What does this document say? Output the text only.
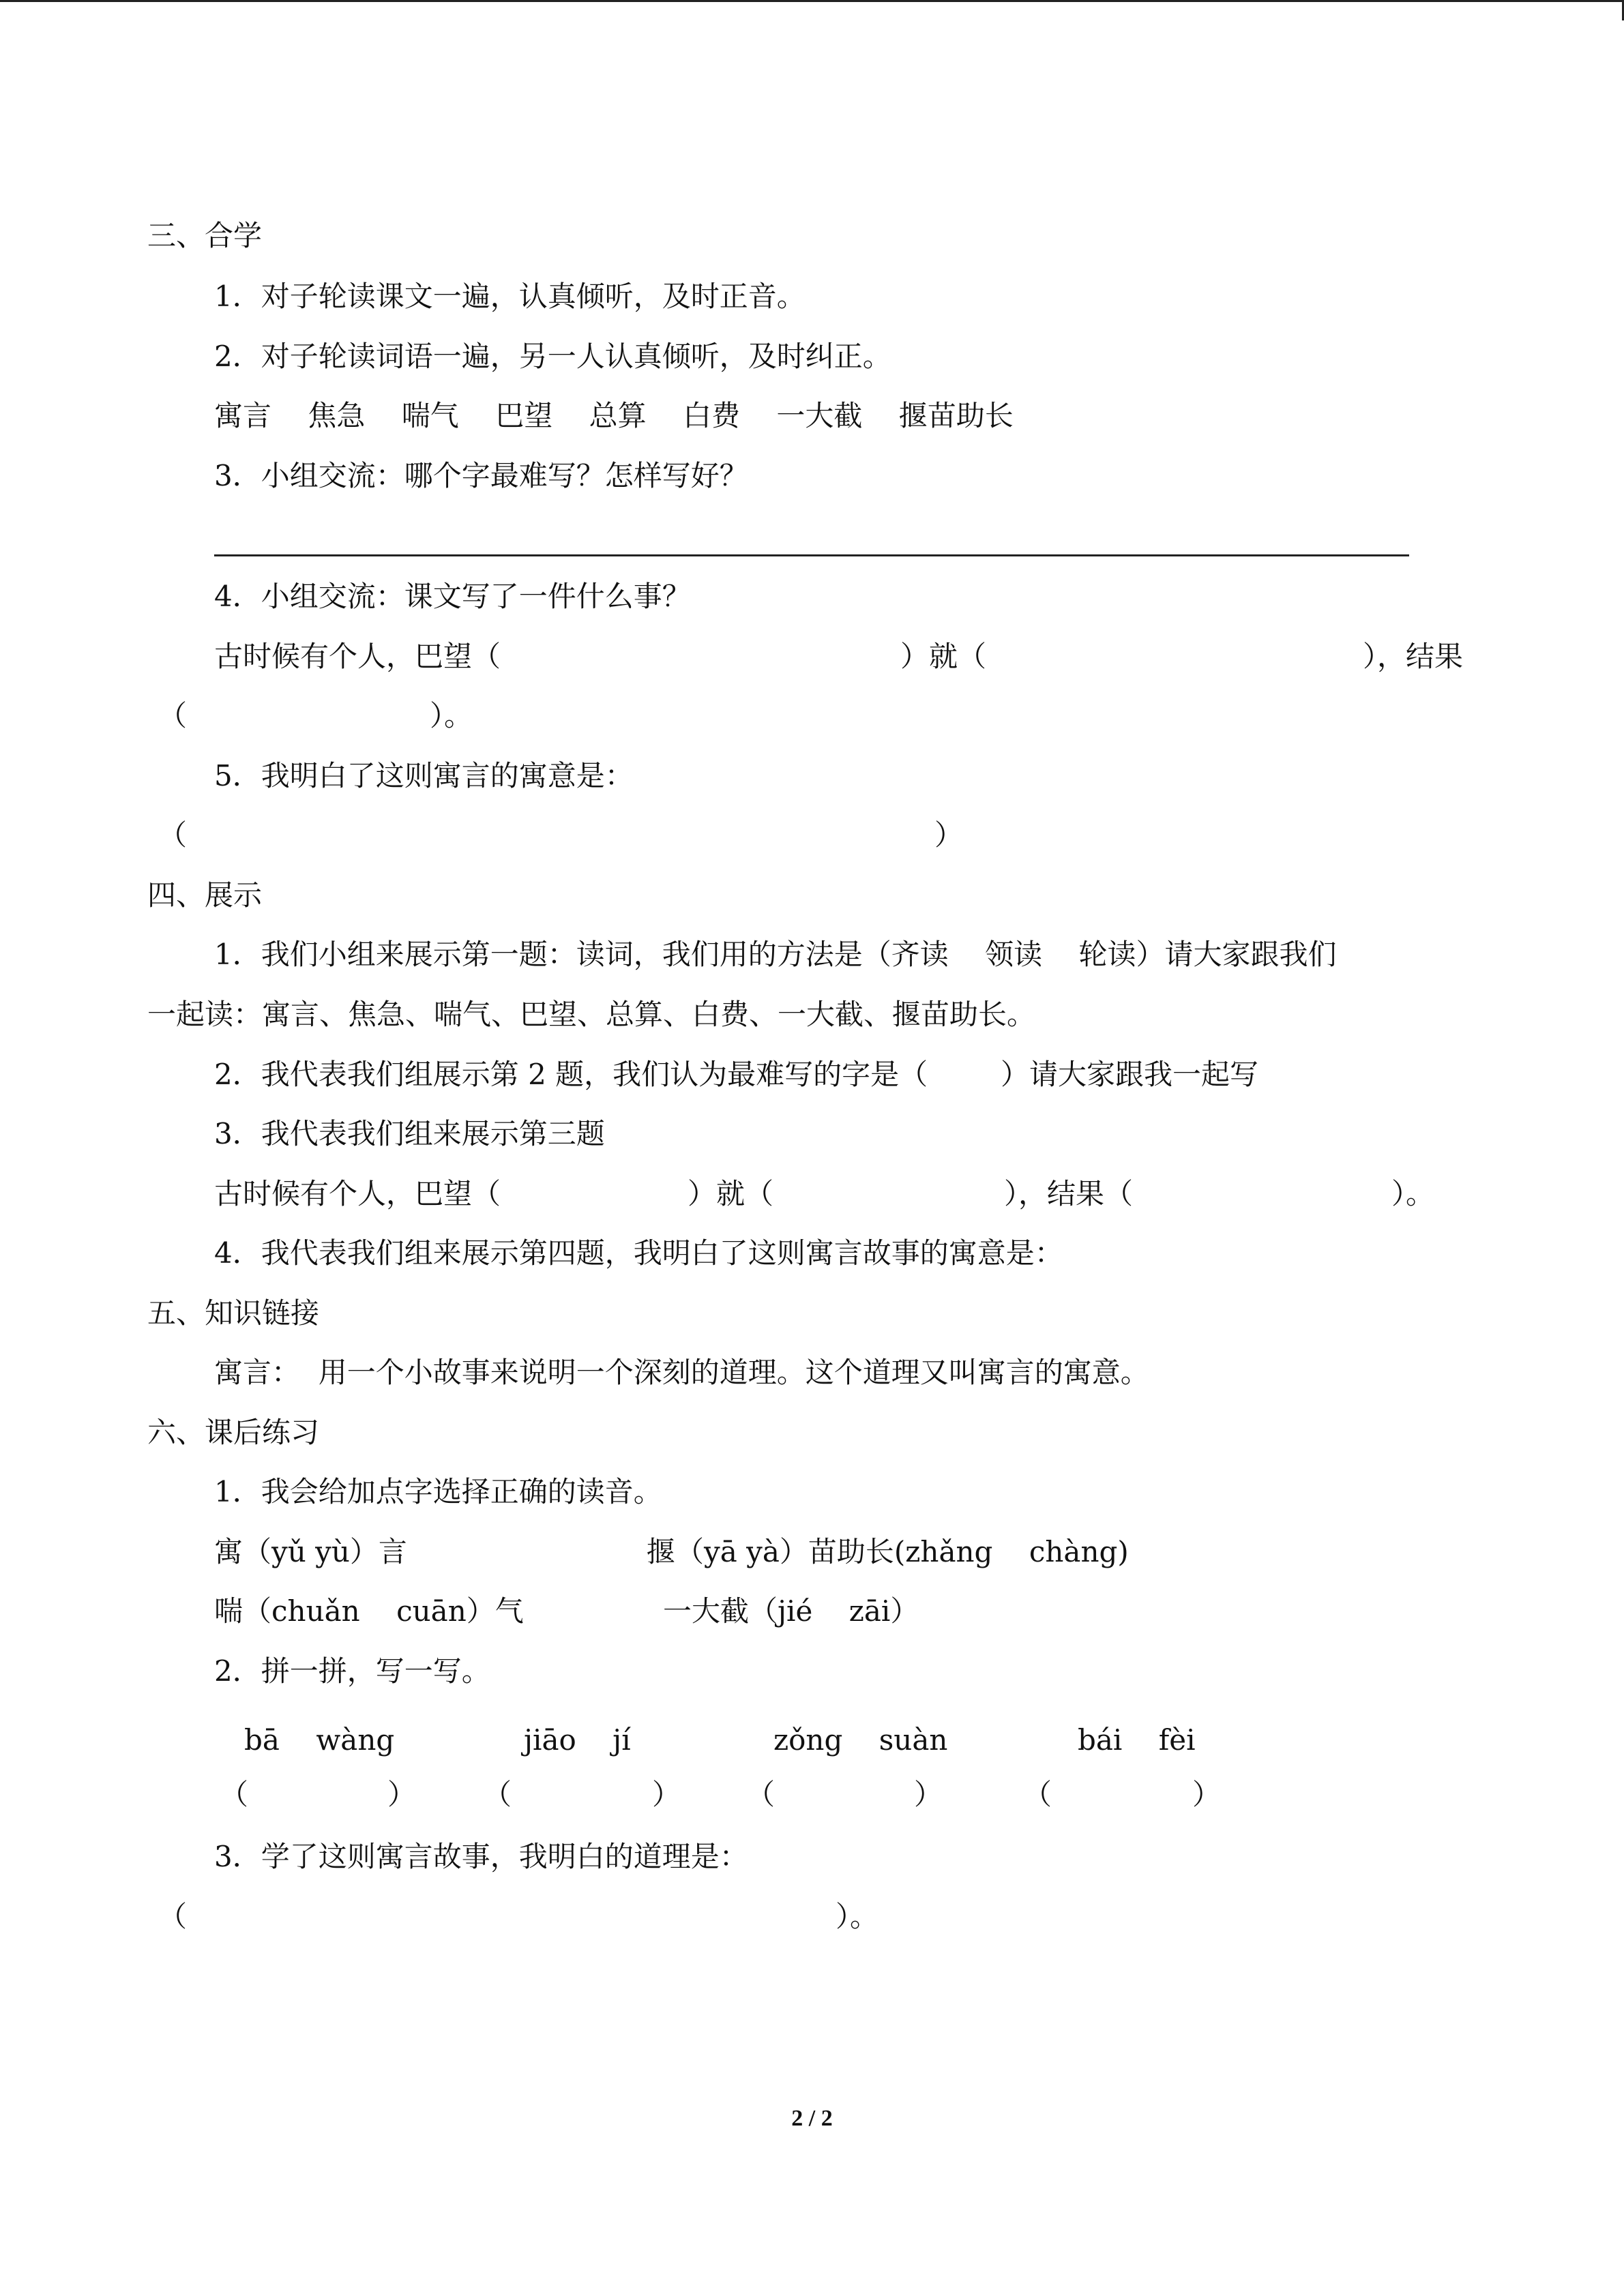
三、合学
1．对子轮读课文一遍，认真倾听，及时正音。
2．对子轮读词语一遍，另一人认真倾听，及时纠正。
寓言    焦急    喘气    巴望    总算    白费    一大截    揠苗助长
3．小组交流：哪个字最难写？怎样写好？
4．小组交流：课文写了一件什么事？
古时候有个人，巴望（	）就（	），结果
（	）。
5．我明白了这则寓言的寓意是：
（	）
四、展示
1．我们小组来展示第一题：读词，我们用的方法是（齐读    领读    轮读）请大家跟我们
一起读：寓言、焦急、喘气、巴望、总算、白费、一大截、揠苗助长。
2．我代表我们组展示第 2 题，我们认为最难写的字是（        ）请大家跟我一起写
3．我代表我们组来展示第三题
古时候有个人，巴望（	）就（	），结果（	）。
4．我代表我们组来展示第四题，我明白了这则寓言故事的寓意是：
五、知识链接
寓言：  用一个小故事来说明一个深刻的道理。这个道理又叫寓言的寓意。
六、课后练习
1．我会给加点字选择正确的读音。
寓（yǔ yù）言	揠（yā yà）苗助长(zhǎng    chàng)
喘（chuǎn    cuān）气	一大截（jié    zāi）
2．拼一拼，写一写。
bā    wàng	jiāo    jí	zǒng    suàn	bái    fèi
（	） （	） （	）	（	）
3．学了这则寓言故事，我明白的道理是：
（	）。
2 / 2
